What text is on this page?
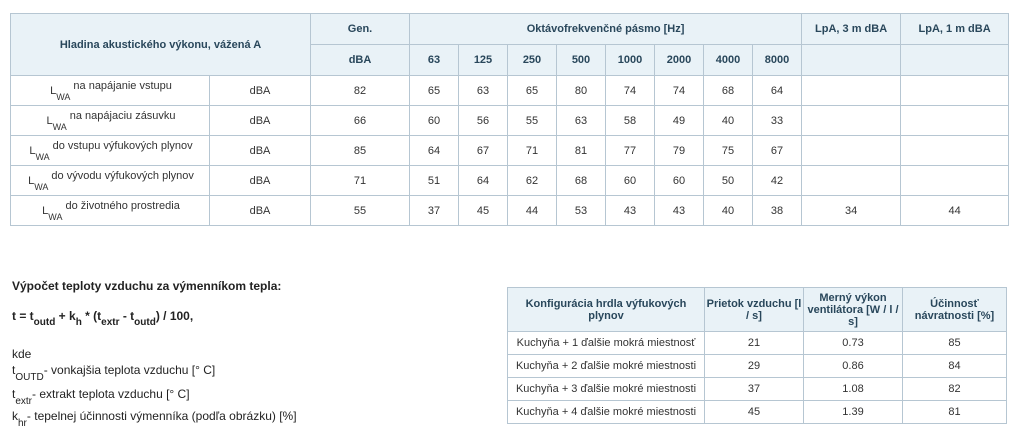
Hladina akustického výkonu, vážená A		Gen.	Oktávofrekvenčné pásmo [Hz]								LpA, 3 m dBA	LpA, 1 m dBA
		dBA	63	125	250	500	1000	2000	4000	8000		
$L_{WA}na$ napájanie vstupu	dBA	82	65	63	65	80	74	74	68	64		
$L_{WA}na$ napájaciu zásuvku	dBA	66	60	56	55	63	58	49	40	33		
$L_{WA}do$ vstupu výfukových plynov	dBA	85	64	67	71	81	77	79	75	67		
$L_{WA}do$ vývodu výfukových plynov	dBA	71	51	64	62	68	60	60	50	42		
$L_{WA}do$ životného prostredia	dBA	55	37	45	44	53	43	43	40	38	34	44
Výpočet teploty vzduchu za výmenníkom tepla:
$t = t_{outd} + k_h * (t_{extr} - t_{outd}) / 100$,
kde
$t_{OUTD}-$ vonkajšia teplota vzduchu [° C]
$t_{extr}-$ extrakt teplota vzduchu [° C]
$k_{hr}-$ tepelnej účinnosti výmenníka (podľa obrázku) [%]
Konfigurácia hrdla výfukových plynov	Prietok vzduchu [l / s]	Merný výkon ventilátora [W / l / s]	Účinnosť návratnosti [%]
Kuchyňa + 1 ďalšie mokrá miestnosť	21	0.73	85
Kuchyňa + 2 ďalšie mokré miestnosti	29	0.86	84
Kuchyňa + 3 ďalšie mokré miestnosti	37	1.08	82
Kuchyňa + 4 ďalšie mokré miestnosti	45	1.39	81
